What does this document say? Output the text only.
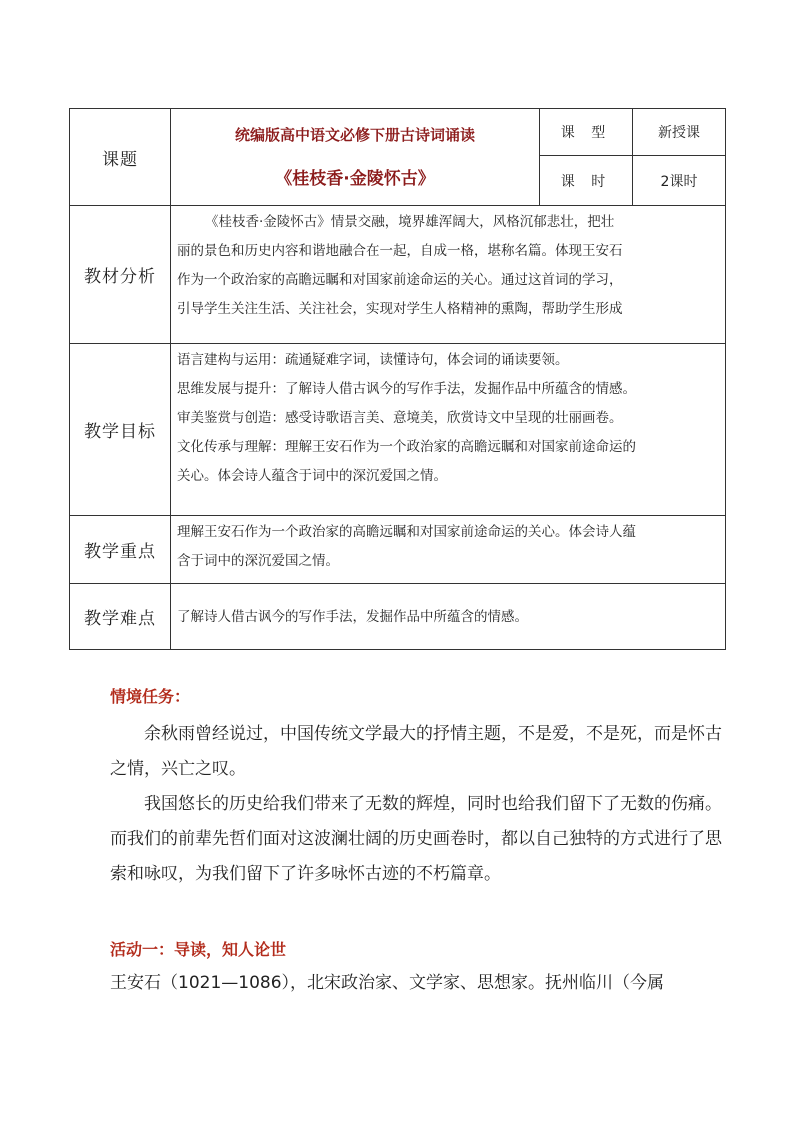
课题	统编版高中语文必修下册古诗词诵读
《桂枝香·金陵怀古》	课 型	新授课
		课 时	2课时
教材分析	《桂枝香·金陵怀古》情景交融，境界雄浑阔大，风格沉郁悲壮，把壮
丽的景色和历史内容和谐地融合在一起，自成一格，堪称名篇。体现王安石
作为一个政治家的高瞻远瞩和对国家前途命运的关心。通过这首词的学习，
引导学生关注生活、关注社会，实现对学生人格精神的熏陶，帮助学生形成		

教学目标	语言建构与运用：疏通疑难字词，读懂诗句，体会词的诵读要领。
思维发展与提升：了解诗人借古讽今的写作手法，发掘作品中所蕴含的情感。
审美鉴赏与创造：感受诗歌语言美、意境美，欣赏诗文中呈现的壮丽画卷。
文化传承与理解：理解王安石作为一个政治家的高瞻远瞩和对国家前途命运的
关心。体会诗人蕴含于词中的深沉爱国之情。		

教学重点	理解王安石作为一个政治家的高瞻远瞩和对国家前途命运的关心。体会诗人蕴
含于词中的深沉爱国之情。		

教学难点	了解诗人借古讽今的写作手法，发掘作品中所蕴含的情感。		
情境任务：

余秋雨曾经说过，中国传统文学最大的抒情主题，不是爱，不是死，而是怀古之情，兴亡之叹。

我国悠长的历史给我们带来了无数的辉煌，同时也给我们留下了无数的伤痛。而我们的前辈先哲们面对这波澜壮阔的历史画卷时，都以自己独特的方式进行了思索和咏叹，为我们留下了许多咏怀古迹的不朽篇章。

活动一：导读，知人论世

王安石（1021—1086），北宋政治家、文学家、思想家。抚州临川（今属
